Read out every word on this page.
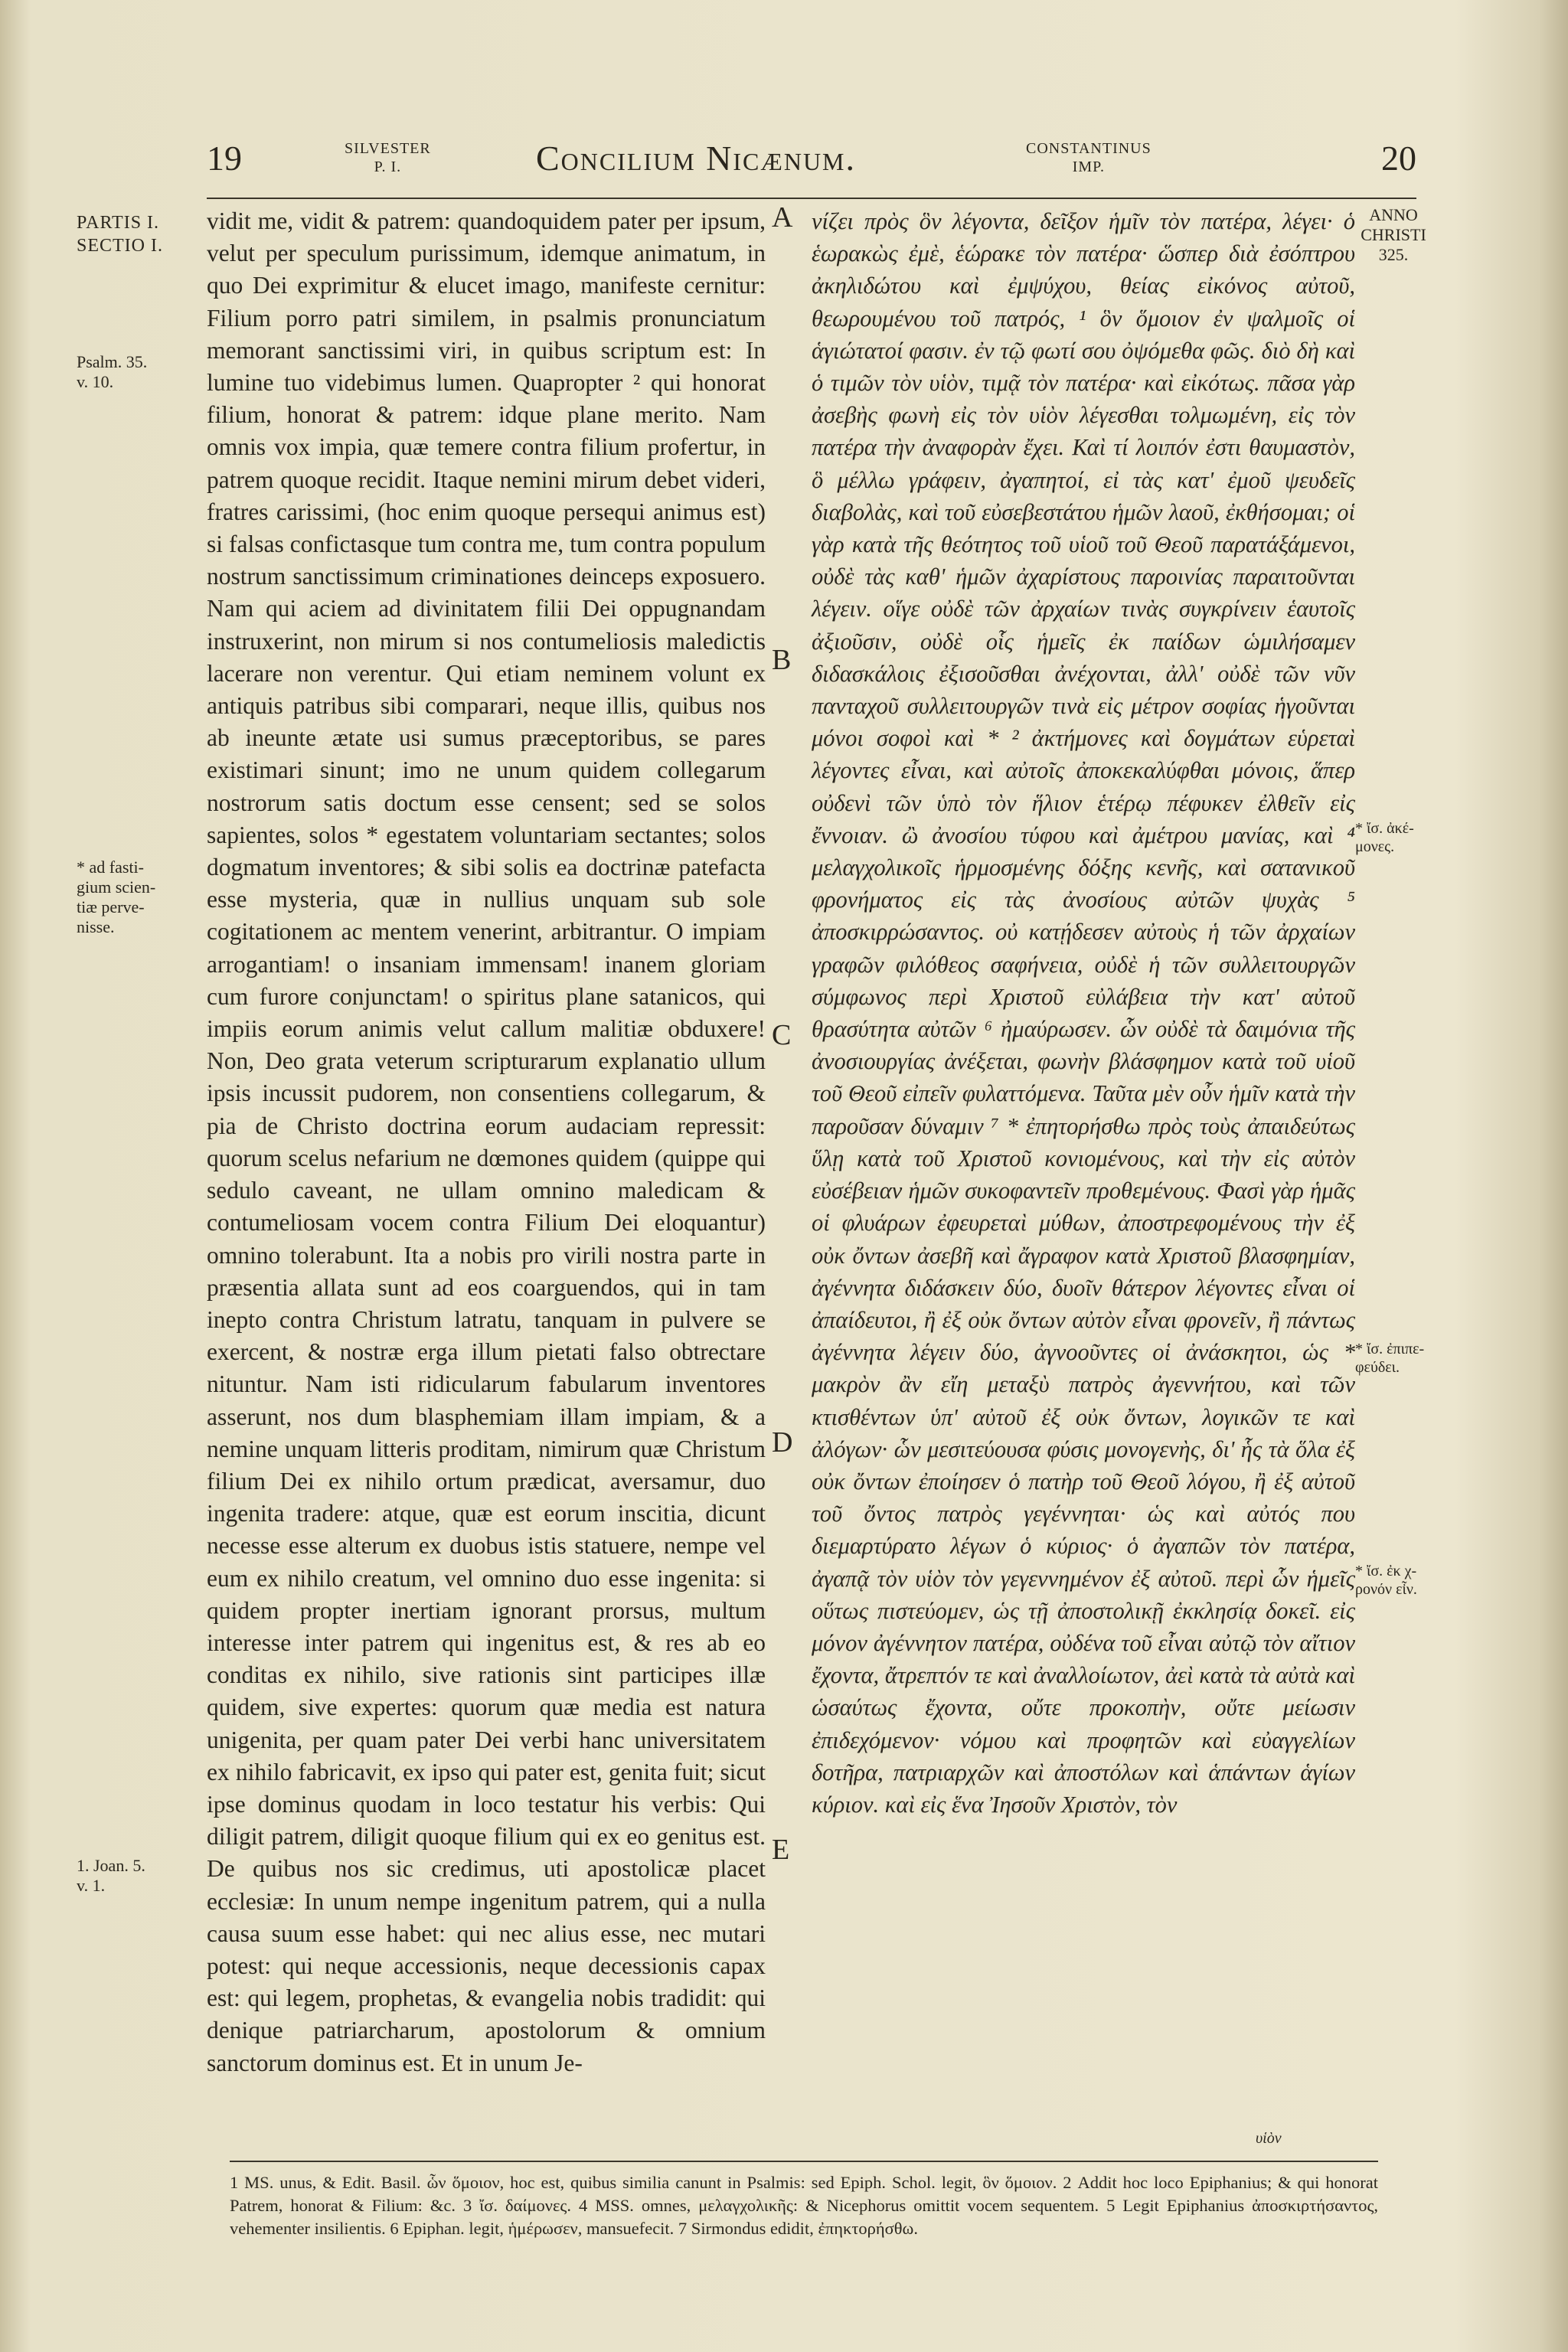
19	SILVESTER
P. I.	Concilium Nicænum.	CONSTANTINUS
IMP.	20
PARTIS I.
SECTIO I.
Psalm. 35.
v. 10.
* ad fasti-
gium scien-
tiæ perve-
nisse.
1. Joan. 5.
v. 1.
ANNO
CHRISTI
325.
* ἴσ. ἀκέ-
μονες.
* ἴσ. ἐπιπε-
φεύδει.
* ἴσ. ἐκ χ-
ρονόν εἶν.
A
B
C
D
E

vidit me, vidit & patrem: quandoquidem pater per ipsum, velut per speculum purissimum, idemque animatum, in quo Dei exprimitur & elucet imago, manifeste cernitur: Filium porro patri similem, in psalmis pronunciatum memorant sanctissimi viri, in quibus scriptum est: In lumine tuo videbimus lumen. Quapropter ² qui honorat filium, honorat & patrem: idque plane merito. Nam omnis vox impia, quæ temere contra filium profertur, in patrem quoque recidit. Itaque nemini mirum debet videri, fratres carissimi, (hoc enim quoque persequi animus est) si falsas confictasque tum contra me, tum contra populum nostrum sanctissimum criminationes deinceps exposuero. Nam qui aciem ad divinitatem filii Dei oppugnandam instruxerint, non mirum si nos contumeliosis maledictis lacerare non verentur. Qui etiam neminem volunt ex antiquis patribus sibi comparari, neque illis, quibus nos ab ineunte ætate usi sumus præceptoribus, se pares existimari sinunt; imo ne unum quidem collegarum nostrorum satis doctum esse censent; sed se solos sapientes, solos * egestatem voluntariam sectantes; solos dogmatum inventores; & sibi solis ea doctrinæ patefacta esse mysteria, quæ in nullius unquam sub sole cogitationem ac mentem venerint, arbitrantur. O impiam arrogantiam! o insaniam immensam! inanem gloriam cum furore conjunctam! o spiritus plane satanicos, qui impiis eorum animis velut callum malitiæ obduxere! Non, Deo grata veterum scripturarum explanatio ullum ipsis incussit pudorem, non consentiens collegarum, & pia de Christo doctrina eorum audaciam repressit: quorum scelus nefarium ne dœmones quidem (quippe qui sedulo caveant, ne ullam omnino maledicam & contumeliosam vocem contra Filium Dei eloquantur) omnino tolerabunt. Ita a nobis pro virili nostra parte in præsentia allata sunt ad eos coarguendos, qui in tam inepto contra Christum latratu, tanquam in pulvere se exercent, & nostræ erga illum pietati falso obtrectare nituntur. Nam isti ridicularum fabularum inventores asserunt, nos dum blasphemiam illam impiam, & a nemine unquam litteris proditam, nimirum quæ Christum filium Dei ex nihilo ortum prædicat, aversamur, duo ingenita tradere: atque, quæ est eorum inscitia, dicunt necesse esse alterum ex duobus istis statuere, nempe vel eum ex nihilo creatum, vel omnino duo esse ingenita: si quidem propter inertiam ignorant prorsus, multum interesse inter patrem qui ingenitus est, & res ab eo conditas ex nihilo, sive rationis sint participes illæ quidem, sive expertes: quorum quæ media est natura unigenita, per quam pater Dei verbi hanc universitatem ex nihilo fabricavit, ex ipso qui pater est, genita fuit; sicut ipse dominus quodam in loco testatur his verbis: Qui diligit patrem, diligit quoque filium qui ex eo genitus est. De quibus nos sic credimus, uti apostolicæ placet ecclesiæ: In unum nempe ingenitum patrem, qui a nulla causa suum esse habet: qui nec alius esse, nec mutari potest: qui neque accessionis, neque decessionis capax est: qui legem, prophetas, & evangelia nobis tradidit: qui denique patriarcharum, apostolorum & omnium sanctorum dominus est. Et in unum Je-

νίζει πρὸς ὃν λέγοντα, δεῖξον ἡμῖν τὸν πατέρα, λέγει· ὁ ἑωρακὼς ἐμὲ, ἑώρακε τὸν πατέρα· ὥσπερ διὰ ἐσόπτρου ἀκηλιδώτου καὶ ἐμψύχου, θείας εἰκόνος αὐτοῦ, θεωρουμένου τοῦ πατρός, ¹ ὃν ὅμοιον ἐν ψαλμοῖς οἱ ἁγιώτατοί φασιν. ἐν τῷ φωτί σου ὀψόμεθα φῶς. διὸ δὴ καὶ ὁ τιμῶν τὸν υἱὸν, τιμᾷ τὸν πατέρα· καὶ εἰκότως. πᾶσα γὰρ ἀσεβὴς φωνὴ εἰς τὸν υἱὸν λέγεσθαι τολμωμένη, εἰς τὸν πατέρα τὴν ἀναφορὰν ἔχει. Καὶ τί λοιπόν ἐστι θαυμαστὸν, ὃ μέλλω γράφειν, ἀγαπητοί, εἰ τὰς κατ' ἐμοῦ ψευδεῖς διαβολὰς, καὶ τοῦ εὐσεβεστάτου ἡμῶν λαοῦ, ἐκθήσομαι; οἱ γὰρ κατὰ τῆς θεότητος τοῦ υἱοῦ τοῦ Θεοῦ παρατάξάμενοι, οὐδὲ τὰς καθ' ἡμῶν ἀχαρίστους παροινίας παραιτοῦνται λέγειν. οἵγε οὐδὲ τῶν ἀρχαίων τινὰς συγκρίνειν ἑαυτοῖς ἀξιοῦσιν, οὐδὲ οἷς ἡμεῖς ἐκ παίδων ὡμιλήσαμεν διδασκάλοις ἐξισοῦσθαι ἀνέχονται, ἀλλ' οὐδὲ τῶν νῦν πανταχοῦ συλλειτουργῶν τινὰ εἰς μέτρον σοφίας ἡγοῦνται μόνοι σοφοὶ καὶ * ² ἀκτήμονες καὶ δογμάτων εὑρεταὶ λέγοντες εἶναι, καὶ αὐτοῖς ἀποκεκαλύφθαι μόνοις, ἅπερ οὐδενὶ τῶν ὑπὸ τὸν ἥλιον ἑτέρῳ πέφυκεν ἐλθεῖν εἰς ἔννοιαν. ὢ ἀνοσίου τύφου καὶ ἀμέτρου μανίας, καὶ ⁴ μελαγχολικοῖς ἡρμοσμένης δόξης κενῆς, καὶ σατανικοῦ φρονήματος εἰς τὰς ἀνοσίους αὐτῶν ψυχὰς ⁵ ἀποσκιρρώσαντος. οὐ κατῄδεσεν αὐτοὺς ἡ τῶν ἀρχαίων γραφῶν φιλόθεος σαφήνεια, οὐδὲ ἡ τῶν συλλειτουργῶν σύμφωνος περὶ Χριστοῦ εὐλάβεια τὴν κατ' αὐτοῦ θρασύτητα αὐτῶν ⁶ ἠμαύρωσεν. ὧν οὐδὲ τὰ δαιμόνια τῆς ἀνοσιουργίας ἀνέξεται, φωνὴν βλάσφημον κατὰ τοῦ υἱοῦ τοῦ Θεοῦ εἰπεῖν φυλαττόμενα. Ταῦτα μὲν οὖν ἡμῖν κατὰ τὴν παροῦσαν δύναμιν ⁷ * ἐπητορήσθω πρὸς τοὺς ἀπαιδεύτως ὕλῃ κατὰ τοῦ Χριστοῦ κονιομένους, καὶ τὴν εἰς αὐτὸν εὐσέβειαν ἡμῶν συκοφαντεῖν προθεμένους. Φασὶ γὰρ ἡμᾶς οἱ φλυάρων ἐφευρεταὶ μύθων, ἀποστρεφομένους τὴν ἐξ οὐκ ὄντων ἀσεβῆ καὶ ἄγραφον κατὰ Χριστοῦ βλασφημίαν, ἀγέννητα διδάσκειν δύο, δυοῖν θάτερον λέγοντες εἶναι οἱ ἀπαίδευτοι, ἢ ἐξ οὐκ ὄντων αὐτὸν εἶναι φρονεῖν, ἢ πάντως ἀγέννητα λέγειν δύο, ἀγνοοῦντες οἱ ἀνάσκητοι, ὡς * μακρὸν ἂν εἴη μεταξὺ πατρὸς ἀγεννήτου, καὶ τῶν κτισθέντων ὑπ' αὐτοῦ ἐξ οὐκ ὄντων, λογικῶν τε καὶ ἀλόγων· ὧν μεσιτεύουσα φύσις μονογενὴς, δι' ἧς τὰ ὅλα ἐξ οὐκ ὄντων ἐποίησεν ὁ πατὴρ τοῦ Θεοῦ λόγου, ἢ ἐξ αὐτοῦ τοῦ ὄντος πατρὸς γεγέννηται· ὡς καὶ αὐτός που διεμαρτύρατο λέγων ὁ κύριος· ὁ ἀγαπῶν τὸν πατέρα, ἀγαπᾷ τὸν υἱὸν τὸν γεγεννημένον ἐξ αὐτοῦ. περὶ ὧν ἡμεῖς οὕτως πιστεύομεν, ὡς τῇ ἀποστολικῇ ἐκκλησίᾳ δοκεῖ. εἰς μόνον ἀγέννητον πατέρα, οὐδένα τοῦ εἶναι αὐτῷ τὸν αἴτιον ἔχοντα, ἄτρεπτόν τε καὶ ἀναλλοίωτον, ἀεὶ κατὰ τὰ αὐτὰ καὶ ὡσαύτως ἔχοντα, οὔτε προκοπὴν, οὔτε μείωσιν ἐπιδεχόμενον· νόμου καὶ προφητῶν καὶ εὐαγγελίων δοτῆρα, πατριαρχῶν καὶ ἀποστόλων καὶ ἁπάντων ἁγίων κύριον. καὶ εἰς ἕνα Ἰησοῦν Χριστὸν, τὸν

υἱὸν

1 MS. unus, & Edit. Basil. ὧν ὅμοιον, hoc est, quibus similia canunt in Psalmis: sed Epiph. Schol. legit, ὃν ὅμοιον. 2 Addit hoc loco Epiphanius; & qui honorat Patrem, honorat & Filium: &c. 3 ἴσ. δαίμονες. 4 MSS. omnes, μελαγχολικῆς: & Nicephorus omittit vocem sequentem. 5 Legit Epiphanius ἀποσκιρτήσαντος, vehementer insilientis. 6 Epiphan. legit, ἡμέρωσεν, mansuefecit. 7 Sirmondus edidit, ἐπηκτορήσθω.
